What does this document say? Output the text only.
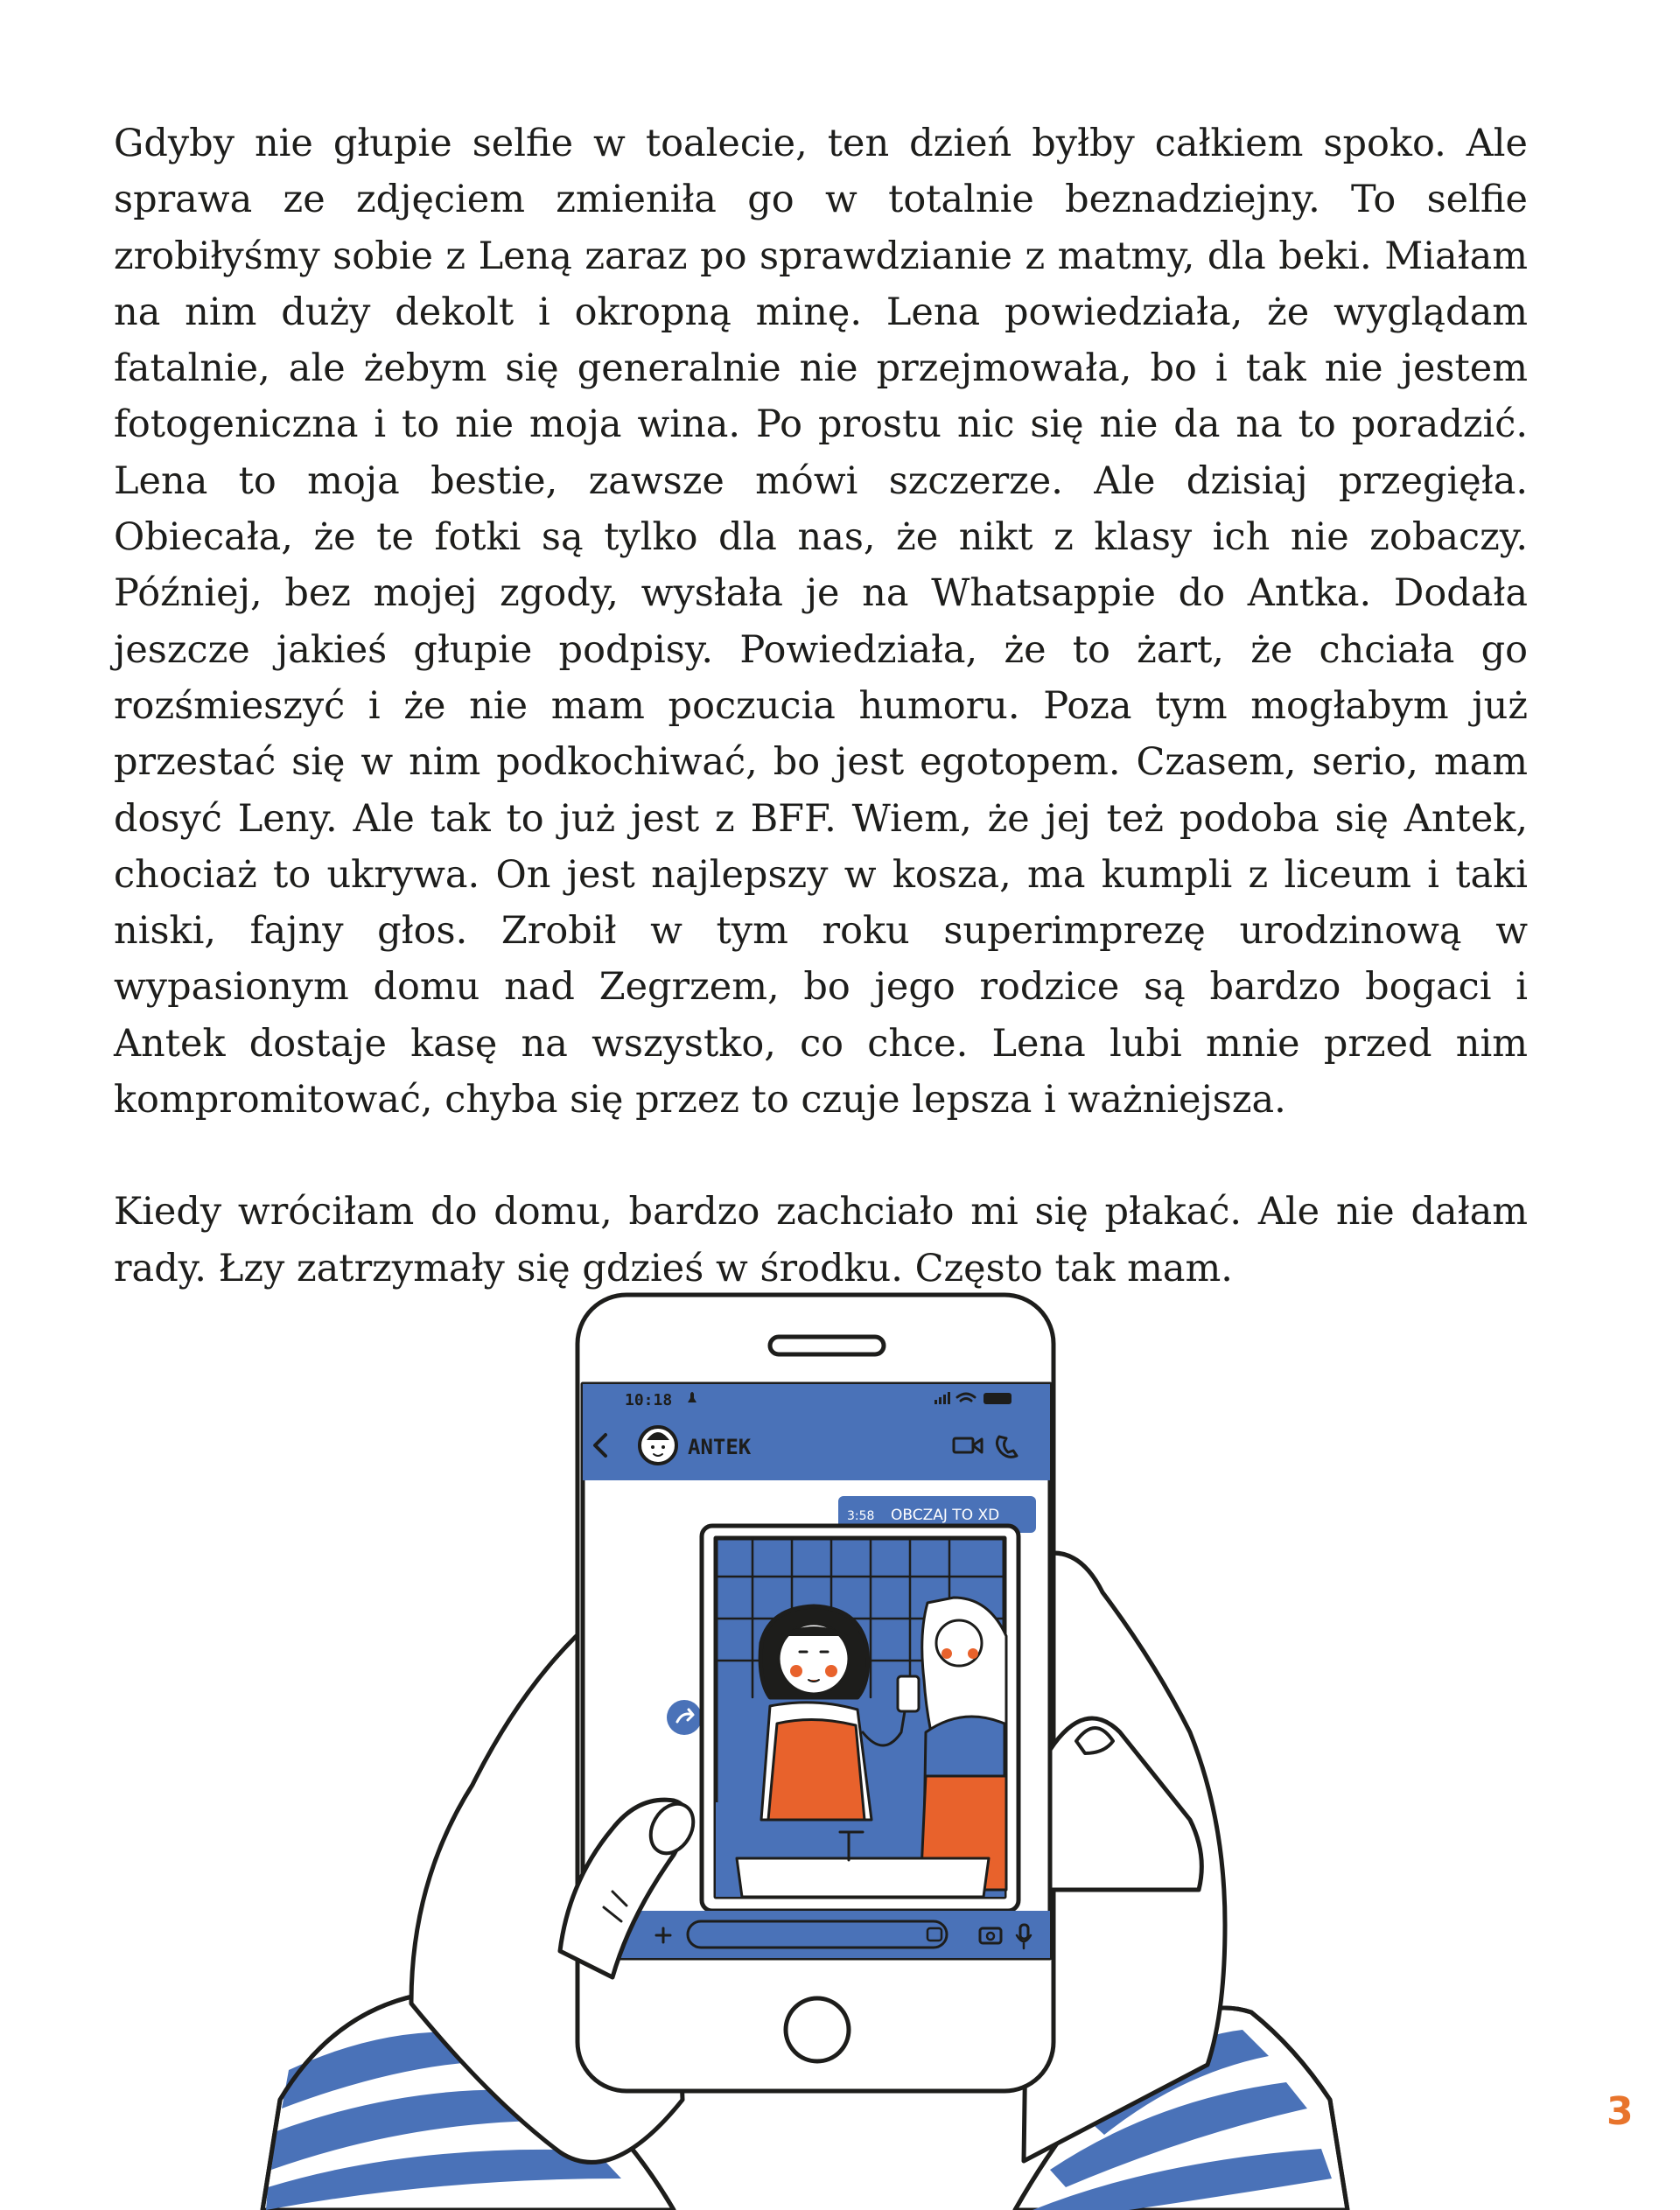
Gdyby nie głupie selfie w toalecie, ten dzień byłby całkiem spoko. Ale sprawa ze zdjęciem zmieniła go w totalnie beznadziejny. To selfie zrobiłyśmy sobie z Leną zaraz po sprawdzianie z matmy, dla beki. Miałam na nim duży dekolt i okropną minę. Lena powiedziała, że wyglądam fatalnie, ale żebym się generalnie nie przejmowała, bo i tak nie jestem fotogeniczna i to nie moja wina. Po prostu nic się nie da na to poradzić. Lena to moja bestie, zawsze mówi szczerze. Ale dzisiaj przegięła. Obiecała, że te fotki są tylko dla nas, że nikt z klasy ich nie zobaczy. Później, bez mojej zgody, wysłała je na Whatsappie do Antka. Dodała jeszcze jakieś głupie podpisy. Powiedziała, że to żart, że chciała go rozśmieszyć i że nie mam poczucia humoru. Poza tym mogłabym już przestać się w nim podkochiwać, bo jest egotopem. Czasem, serio, mam dosyć Leny. Ale tak to już jest z BFF. Wiem, że jej też podoba się Antek, chociaż to ukrywa. On jest najlepszy w kosza, ma kumpli z liceum i taki niski, fajny głos. Zrobił w tym roku superimprezę urodzinową w wypasionym domu nad Zegrzem, bo jego rodzice są bardzo bogaci i Antek dostaje kasę na wszystko, co chce. Lena lubi mnie przed nim kompromitować, chyba się przez to czuje lepsza i ważniejsza.

Kiedy wróciłam do domu, bardzo zachciało mi się płakać. Ale nie dałam rady. Łzy zatrzymały się gdzieś w środku. Często tak mam.

10:18
ANTEK
3:58 OBCZAJ TO XD
3
